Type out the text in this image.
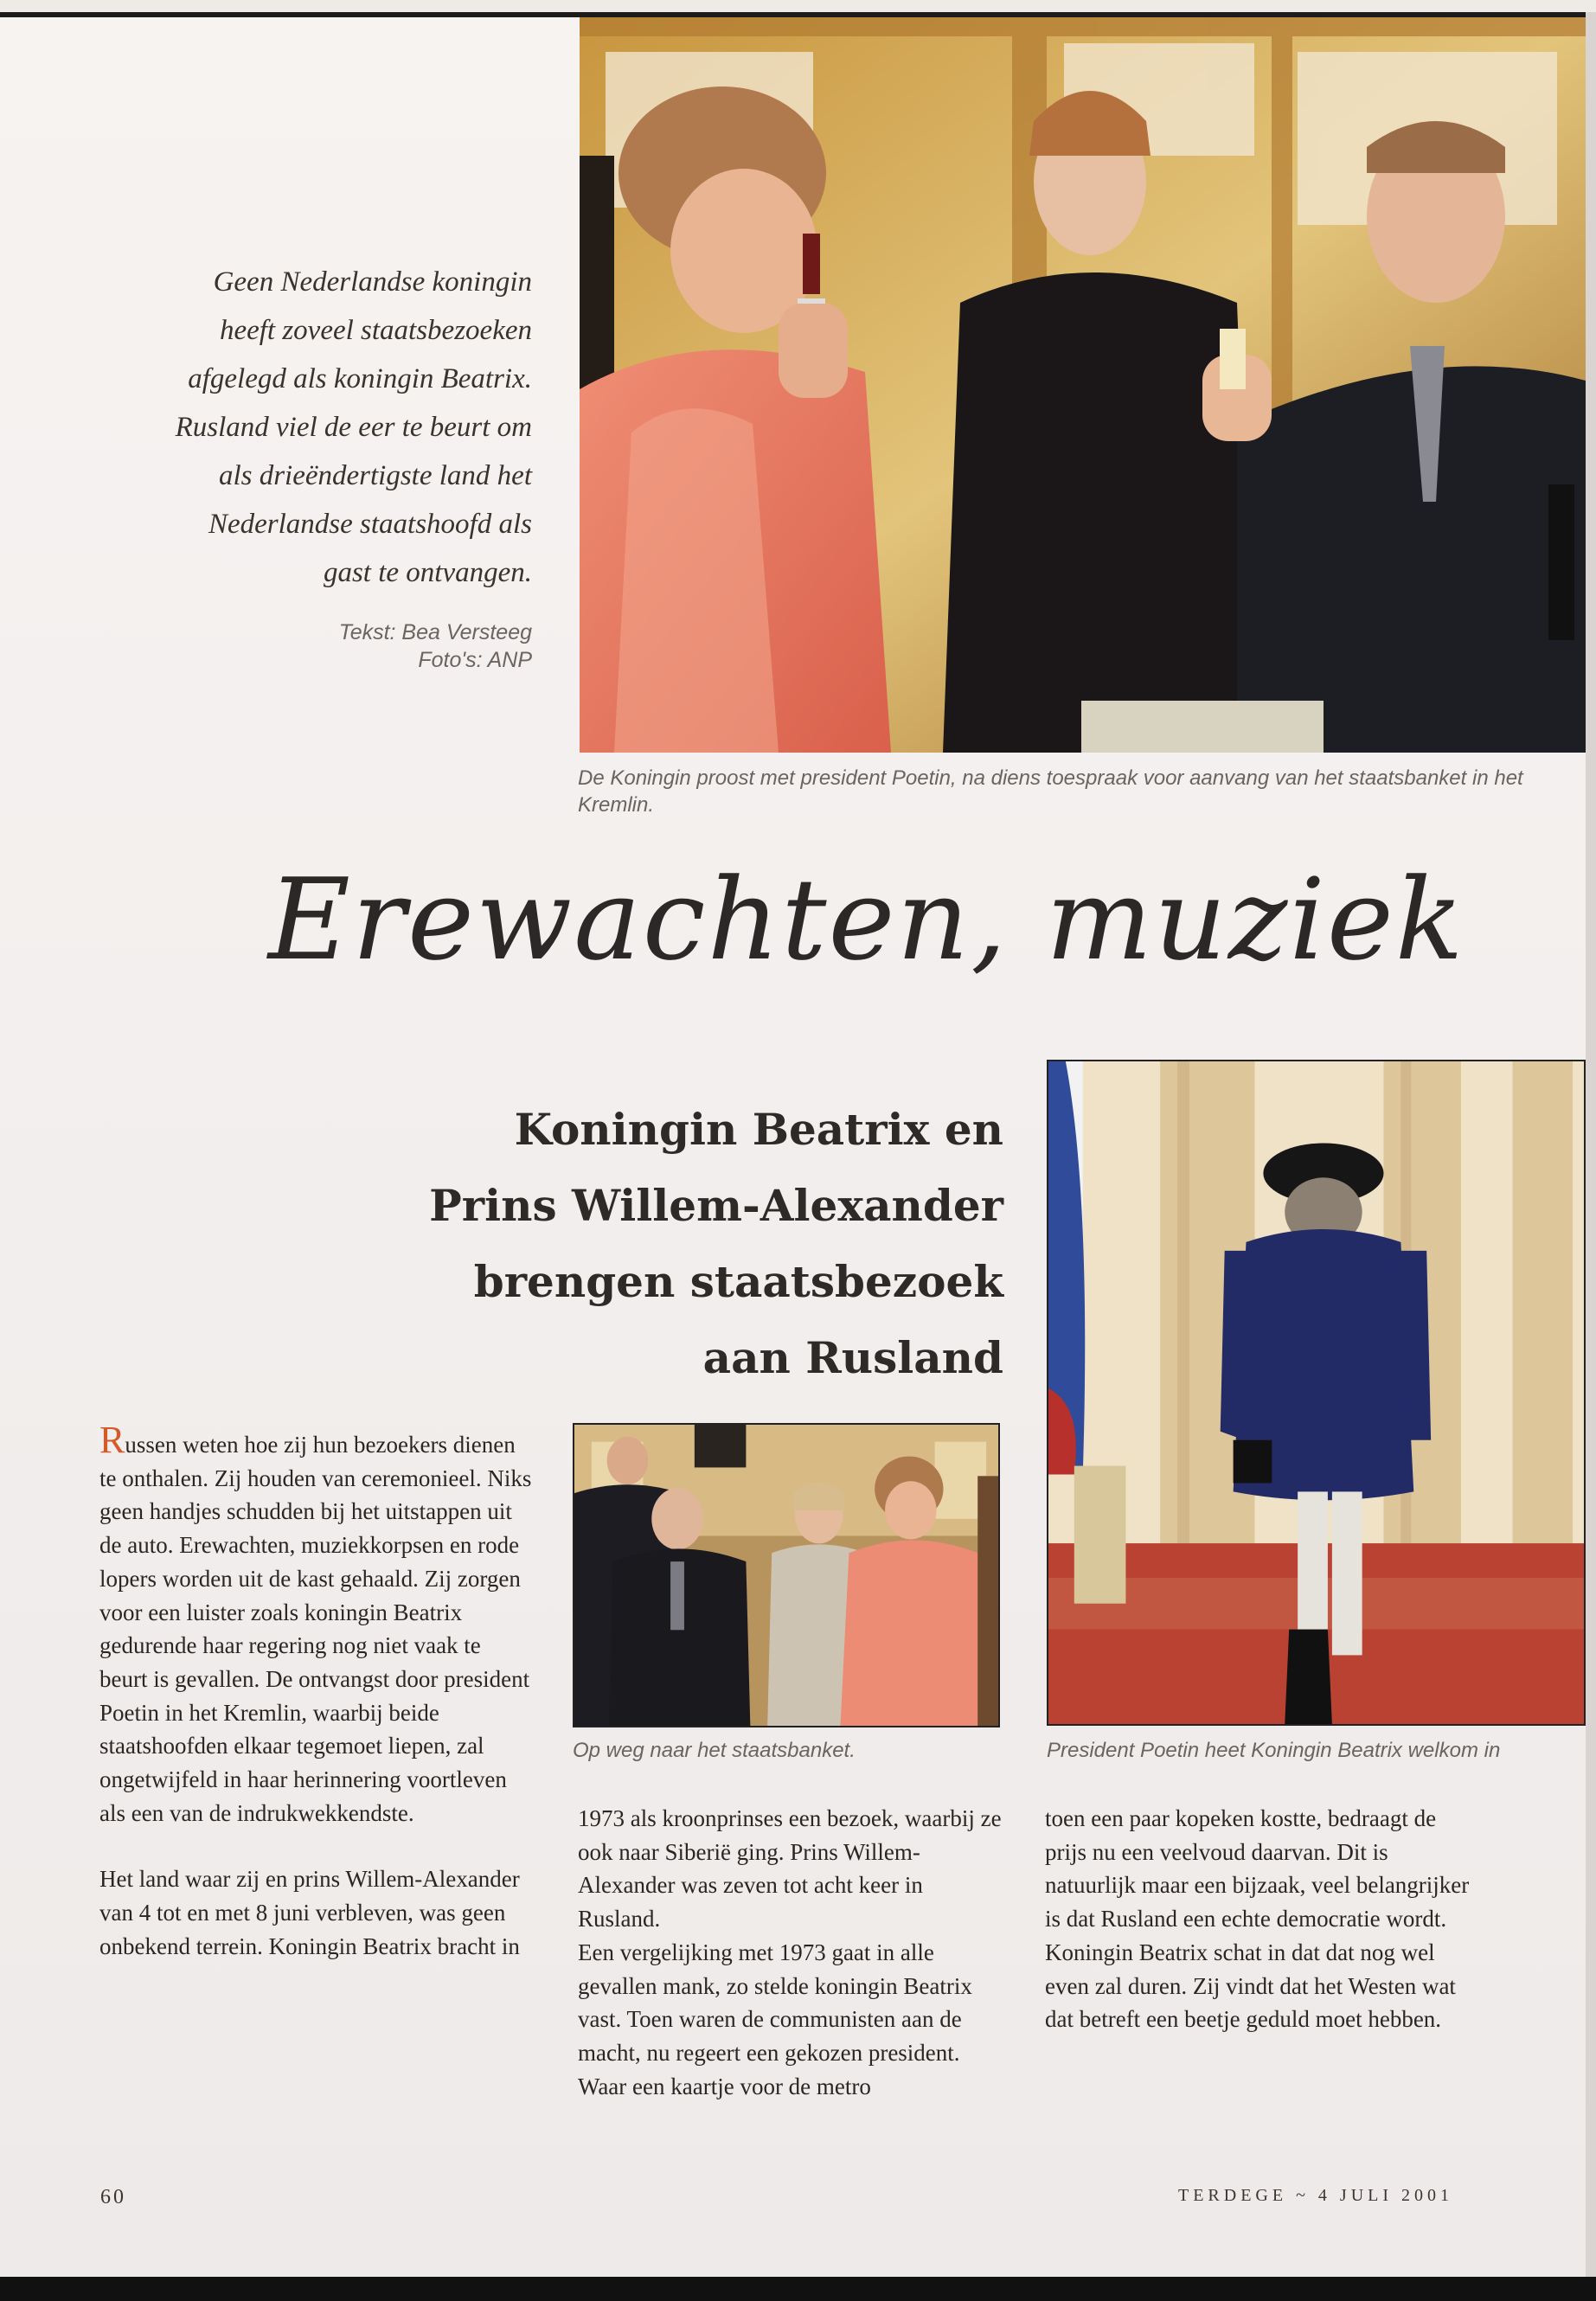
Geen Nederlandse koningin
heeft zoveel staatsbezoeken
afgelegd als koningin Beatrix.
Rusland viel de eer te beurt om
als drieëndertigste land het
Nederlandse staatshoofd als
gast te ontvangen.
Tekst: Bea Versteeg
Foto's: ANP
De Koningin proost met president Poetin, na diens toespraak voor aanvang van het staatsbanket in het Kremlin.
Erewachten, muziek
Koningin Beatrix en
Prins Willem-Alexander
brengen staatsbezoek
aan Rusland
Op weg naar het staatsbanket.	President Poetin heet Koningin Beatrix welkom in

Russen weten hoe zij hun bezoekers dienen te onthalen. Zij houden van ceremonieel. Niks geen handjes schudden bij het uitstappen uit de auto. Erewachten, muziekkorpsen en rode lopers worden uit de kast gehaald. Zij zorgen voor een luister zoals koningin Beatrix gedurende haar regering nog niet vaak te beurt is gevallen. De ontvangst door president Poetin in het Kremlin, waarbij beide staatshoofden elkaar tegemoet liepen, zal ongetwijfeld in haar herinnering voortleven als een van de indrukwekkendste.

Het land waar zij en prins Willem-Alexander van 4 tot en met 8 juni verbleven, was geen onbekend terrein. Koningin Beatrix bracht in

1973 als kroonprinses een bezoek, waarbij ze ook naar Siberië ging. Prins Willem-Alexander was zeven tot acht keer in Rusland.

Een vergelijking met 1973 gaat in alle gevallen mank, zo stelde koningin Beatrix vast. Toen waren de communisten aan de macht, nu regeert een gekozen president. Waar een kaartje voor de metro

toen een paar kopeken kostte, bedraagt de prijs nu een veelvoud daarvan. Dit is natuurlijk maar een bijzaak, veel belangrijker is dat Rusland een echte democratie wordt. Koningin Beatrix schat in dat dat nog wel even zal duren. Zij vindt dat het Westen wat dat betreft een beetje geduld moet hebben.

60	TERDEGE ~ 4 JULI 2001
